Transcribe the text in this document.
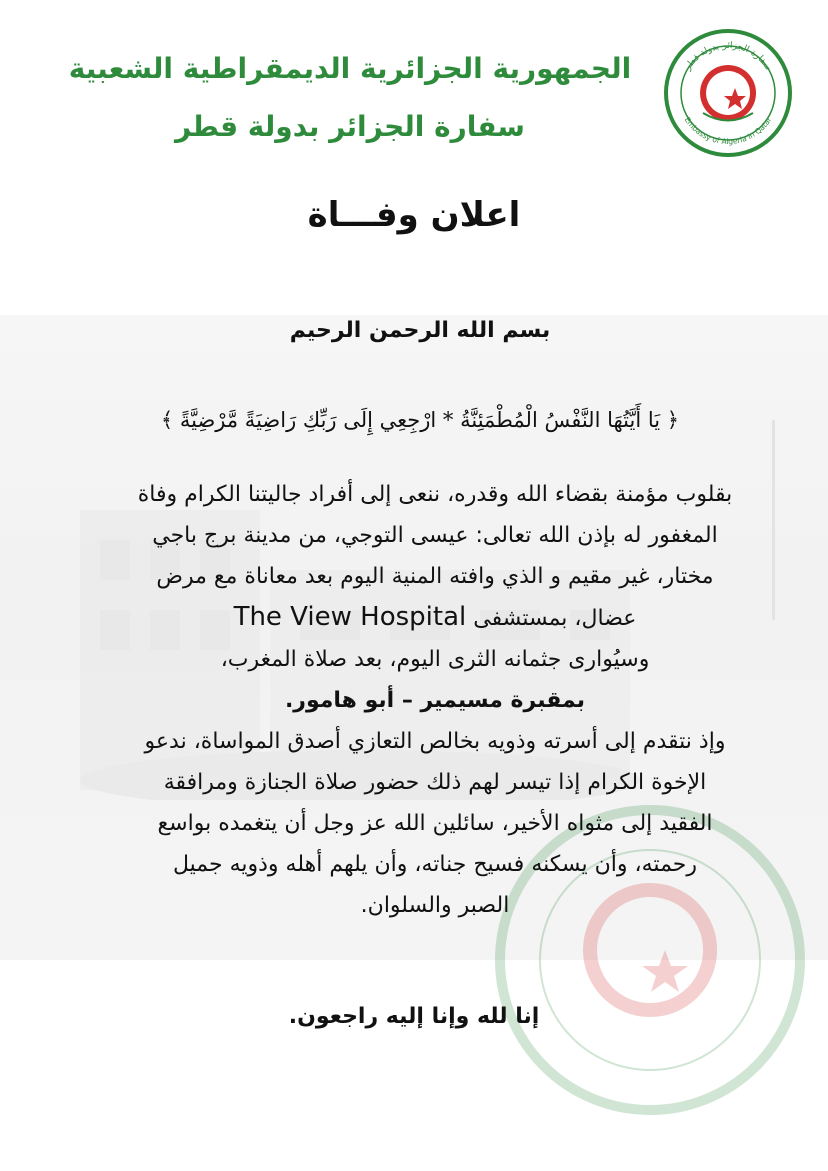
الجمهورية الجزائرية الديمقراطية الشعبية
سفارة الجزائر بدولة قطر
سفارة الجزائر بدولة قطر
Embassy of Algeria in Qatar
اعلان وفـــاة
بسم الله الرحمن الرحيم
﴿ يَا أَيَّتُهَا النَّفْسُ الْمُطْمَئِنَّةُ * ارْجِعِي إِلَى رَبِّكِ رَاضِيَةً مَّرْضِيَّةً ﴾
بقلوب مؤمنة بقضاء الله وقدره، ننعى إلى أفراد جاليتنا الكرام وفاة
المغفور له بإذن الله تعالى: عيسى التوجي، من مدينة برج باجي
مختار، غير مقيم و الذي وافته المنية اليوم بعد معاناة مع مرض
عضال، بمستشفى The View Hospital
وسيُوارى جثمانه الثرى اليوم، بعد صلاة المغرب،
بمقبرة مسيمير – أبو هامور.
وإذ نتقدم إلى أسرته وذويه بخالص التعازي أصدق المواساة، ندعو
الإخوة الكرام إذا تيسر لهم ذلك حضور صلاة الجنازة ومرافقة
الفقيد إلى مثواه الأخير، سائلين الله عز وجل أن يتغمده بواسع
رحمته، وأن يسكنه فسيح جناته، وأن يلهم أهله وذويه جميل
الصبر والسلوان.
إنا لله وإنا إليه راجعون.
